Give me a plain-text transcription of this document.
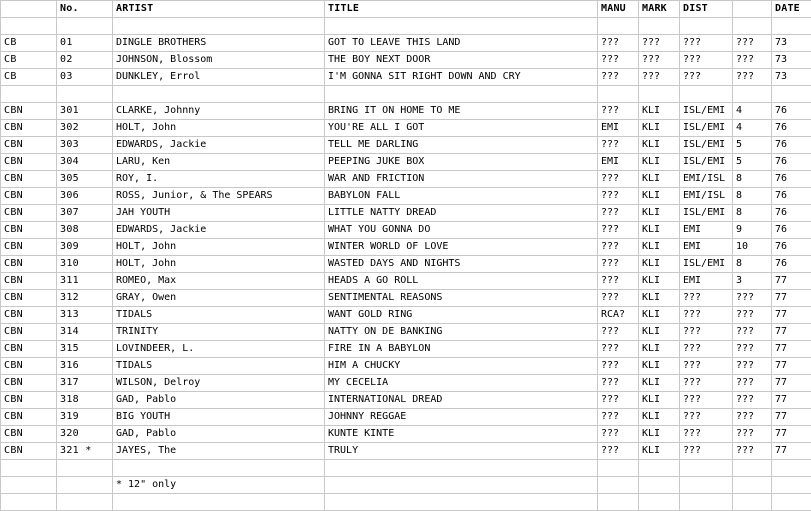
	No.	ARTIST	TITLE	MANU	MARK	DIST		DATE

CB	01	DINGLE BROTHERS	GOT TO LEAVE THIS LAND	???	???	???	???	73
CB	02	JOHNSON, Blossom	THE BOY NEXT DOOR	???	???	???	???	73
CB	03	DUNKLEY, Errol	I'M GONNA SIT RIGHT DOWN AND CRY	???	???	???	???	73

CBN	301	CLARKE, Johnny	BRING IT ON HOME TO ME	???	KLI	ISL/EMI	4	76
CBN	302	HOLT, John	YOU'RE ALL I GOT	EMI	KLI	ISL/EMI	4	76
CBN	303	EDWARDS, Jackie	TELL ME DARLING	???	KLI	ISL/EMI	5	76
CBN	304	LARU, Ken	PEEPING JUKE BOX	EMI	KLI	ISL/EMI	5	76
CBN	305	ROY, I.	WAR AND FRICTION	???	KLI	EMI/ISL	8	76
CBN	306	ROSS, Junior, & The SPEARS	BABYLON FALL	???	KLI	EMI/ISL	8	76
CBN	307	JAH YOUTH	LITTLE NATTY DREAD	???	KLI	ISL/EMI	8	76
CBN	308	EDWARDS, Jackie	WHAT YOU GONNA DO	???	KLI	EMI	9	76
CBN	309	HOLT, John	WINTER WORLD OF LOVE	???	KLI	EMI	10	76
CBN	310	HOLT, John	WASTED DAYS AND NIGHTS	???	KLI	ISL/EMI	8	76
CBN	311	ROMEO, Max	HEADS A GO ROLL	???	KLI	EMI	3	77
CBN	312	GRAY, Owen	SENTIMENTAL REASONS	???	KLI	???	???	77
CBN	313	TIDALS	WANT GOLD RING	RCA?	KLI	???	???	77
CBN	314	TRINITY	NATTY ON DE BANKING	???	KLI	???	???	77
CBN	315	LOVINDEER, L.	FIRE IN A BABYLON	???	KLI	???	???	77
CBN	316	TIDALS	HIM A CHUCKY	???	KLI	???	???	77
CBN	317	WILSON, Delroy	MY CECELIA	???	KLI	???	???	77
CBN	318	GAD, Pablo	INTERNATIONAL DREAD	???	KLI	???	???	77
CBN	319	BIG YOUTH	JOHNNY REGGAE	???	KLI	???	???	77
CBN	320	GAD, Pablo	KUNTE KINTE	???	KLI	???	???	77
CBN	321 *	JAYES, The	TRULY	???	KLI	???	???	77

		* 12" only						
